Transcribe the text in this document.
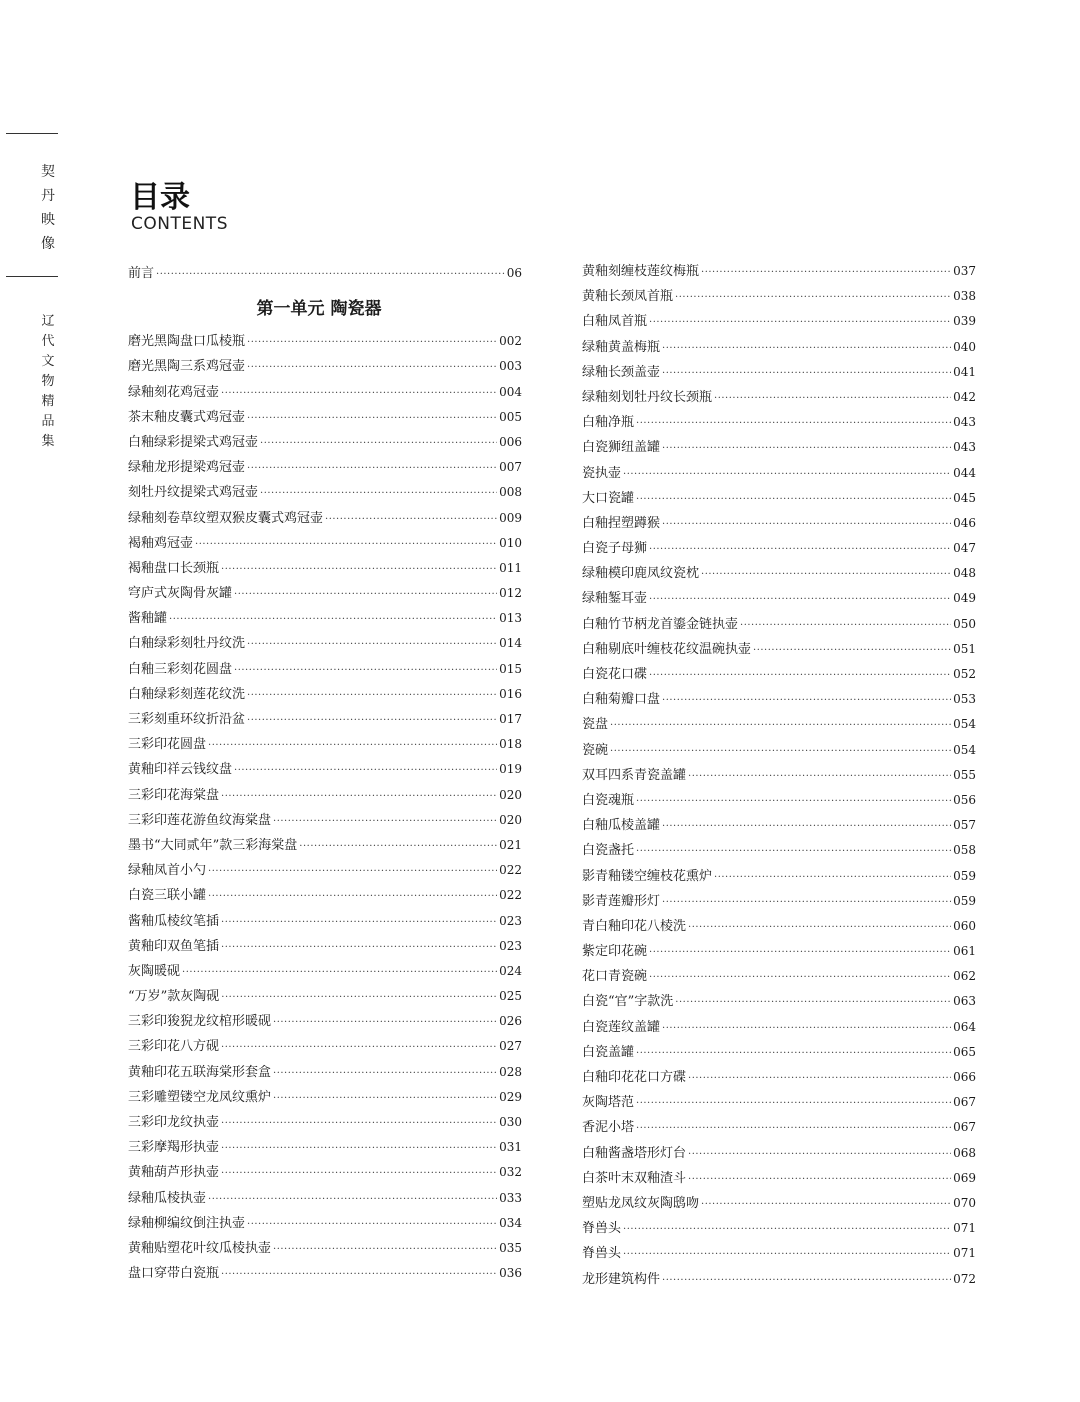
契丹映像
辽代文物精品集
目录
CONTENTS
前言 ·····	06
第一单元 陶瓷器
磨光黑陶盘口瓜棱瓶 ·····	002
磨光黑陶三系鸡冠壶 ·····	003
绿釉刻花鸡冠壶 ·····	004
茶末釉皮囊式鸡冠壶 ·····	005
白釉绿彩提梁式鸡冠壶 ·····	006
绿釉龙形提梁鸡冠壶 ·····	007
刻牡丹纹提梁式鸡冠壶 ·····	008
绿釉刻卷草纹塑双猴皮囊式鸡冠壶 ·····	009
褐釉鸡冠壶 ·····	010
褐釉盘口长颈瓶 ·····	011
穹庐式灰陶骨灰罐 ·····	012
酱釉罐 ·····	013
白釉绿彩刻牡丹纹洗 ·····	014
白釉三彩刻花圆盘 ·····	015
白釉绿彩刻莲花纹洗 ·····	016
三彩刻重环纹折沿盆 ·····	017
三彩印花圆盘 ·····	018
黄釉印祥云钱纹盘 ·····	019
三彩印花海棠盘 ·····	020
三彩印莲花游鱼纹海棠盘 ·····	020
墨书“大同贰年”款三彩海棠盘 ·····	021
绿釉凤首小勺 ·····	022
白瓷三联小罐 ·····	022
酱釉瓜棱纹笔插 ·····	023
黄釉印双鱼笔插 ·····	023
灰陶暖砚 ·····	024
“万岁”款灰陶砚 ·····	025
三彩印狻猊龙纹棺形暖砚 ·····	026
三彩印花八方砚 ·····	027
黄釉印花五联海棠形套盒 ·····	028
三彩雕塑镂空龙凤纹熏炉 ·····	029
三彩印龙纹执壶 ·····	030
三彩摩羯形执壶 ·····	031
黄釉葫芦形执壶 ·····	032
绿釉瓜棱执壶 ·····	033
绿釉柳编纹倒注执壶 ·····	034
黄釉贴塑花叶纹瓜棱执壶 ·····	035
盘口穿带白瓷瓶 ·····	036
黄釉刻缠枝莲纹梅瓶 ·····	037
黄釉长颈凤首瓶 ·····	038
白釉凤首瓶 ·····	039
绿釉黄盖梅瓶 ·····	040
绿釉长颈盖壶 ·····	041
绿釉刻划牡丹纹长颈瓶 ·····	042
白釉净瓶 ·····	043
白瓷狮纽盖罐 ·····	043
瓷执壶 ·····	044
大口瓷罐 ·····	045
白釉捏塑蹲猴 ·····	046
白瓷子母狮 ·····	047
绿釉模印鹿凤纹瓷枕 ·····	048
绿釉錾耳壶 ·····	049
白釉竹节柄龙首鎏金链执壶 ·····	050
白釉剔底叶缠枝花纹温碗执壶 ·····	051
白瓷花口碟 ·····	052
白釉菊瓣口盘 ·····	053
瓷盘 ·····	054
瓷碗 ·····	054
双耳四系青瓷盖罐 ·····	055
白瓷魂瓶 ·····	056
白釉瓜棱盖罐 ·····	057
白瓷盏托 ·····	058
影青釉镂空缠枝花熏炉 ·····	059
影青莲瓣形灯 ·····	059
青白釉印花八棱洗 ·····	060
紫定印花碗 ·····	061
花口青瓷碗 ·····	062
白瓷“官”字款洗 ·····	063
白瓷莲纹盖罐 ·····	064
白瓷盖罐 ·····	065
白釉印花花口方碟 ·····	066
灰陶塔范 ·····	067
香泥小塔 ·····	067
白釉酱盏塔形灯台 ·····	068
白茶叶末双釉渣斗 ·····	069
塑贴龙凤纹灰陶鸱吻 ·····	070
脊兽头 ·····	071
脊兽头 ·····	071
龙形建筑构件 ·····	072
